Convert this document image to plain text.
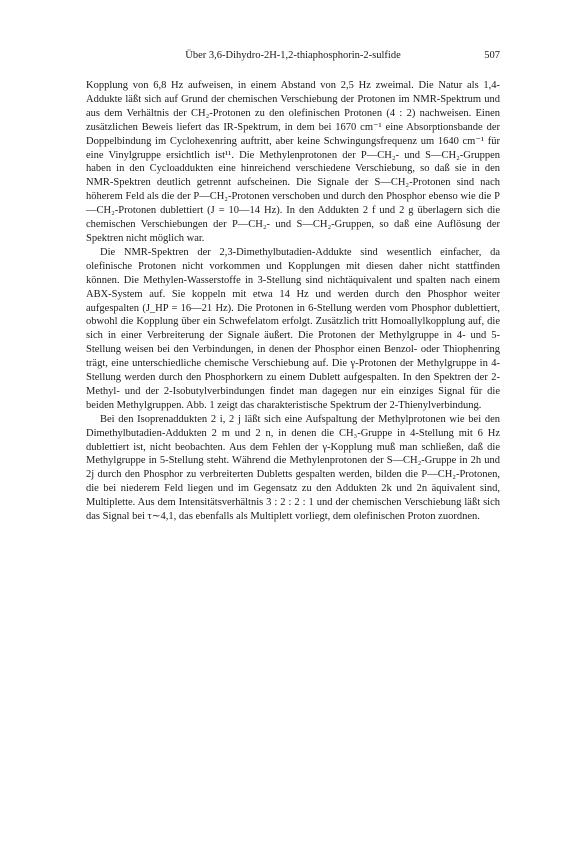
Über 3,6-Dihydro-2H-1,2-thiaphosphorin-2-sulfide	507

Kopplung von 6,8 Hz aufweisen, in einem Abstand von 2,5 Hz zweimal. Die Natur als 1,4-Addukte läßt sich auf Grund der chemischen Verschiebung der Protonen im NMR-Spektrum und aus dem Verhältnis der CH₂-Protonen zu den olefinischen Protonen (4 : 2) nachweisen. Einen zusätzlichen Beweis liefert das IR-Spektrum, in dem bei 1670 cm⁻¹ eine Absorptionsbande der Doppelbindung im Cyclohexenring auftritt, aber keine Schwingungsfrequenz um 1640 cm⁻¹ für eine Vinylgruppe ersichtlich ist¹¹. Die Methylenprotonen der P—CH₂- und S—CH₂-Gruppen haben in den Cycloaddukten eine hinreichend verschiedene Verschiebung, so daß sie in den NMR-Spektren deutlich getrennt aufscheinen. Die Signale der S—CH₂-Protonen sind nach höherem Feld als die der P—CH₂-Protonen verschoben und durch den Phosphor ebenso wie die P—CH₂-Protonen dublettiert (J = 10—14 Hz). In den Addukten 2 f und 2 g überlagern sich die chemischen Verschiebungen der P—CH₂- und S—CH₂-Gruppen, so daß eine Auflösung der Spektren nicht möglich war.

Die NMR-Spektren der 2,3-Dimethylbutadien-Addukte sind wesentlich einfacher, da olefinische Protonen nicht vorkommen und Kopplungen mit diesen daher nicht stattfinden können. Die Methylen-Wasserstoffe in 3-Stellung sind nichtäquivalent und spalten nach einem ABX-System auf. Sie koppeln mit etwa 14 Hz und werden durch den Phosphor weiter aufgespalten (J_HP = 16—21 Hz). Die Protonen in 6-Stellung werden vom Phosphor dublettiert, obwohl die Kopplung über ein Schwefelatom erfolgt. Zusätzlich tritt Homoallylkopplung auf, die sich in einer Verbreiterung der Signale äußert. Die Protonen der Methylgruppe in 4- und 5-Stellung weisen bei den Verbindungen, in denen der Phosphor einen Benzol- oder Thiophenring trägt, eine unterschiedliche chemische Verschiebung auf. Die γ-Protonen der Methylgruppe in 4-Stellung werden durch den Phosphorkern zu einem Dublett aufgespalten. In den Spektren der 2-Methyl- und der 2-Isobutylverbindungen findet man dagegen nur ein einziges Signal für die beiden Methylgruppen. Abb. 1 zeigt das charakteristische Spektrum der 2-Thienylverbindung.

Bei den Isoprenaddukten 2 i, 2 j läßt sich eine Aufspaltung der Methylprotonen wie bei den Dimethylbutadien-Addukten 2 m und 2 n, in denen die CH₃-Gruppe in 4-Stellung mit 6 Hz dublettiert ist, nicht beobachten. Aus dem Fehlen der γ-Kopplung muß man schließen, daß die Methylgruppe in 5-Stellung steht. Während die Methylenprotonen der S—CH₂-Gruppe in 2h und 2j durch den Phosphor zu verbreiterten Dubletts gespalten werden, bilden die P—CH₂-Protonen, die bei niederem Feld liegen und im Gegensatz zu den Addukten 2k und 2n äquivalent sind, Multiplette. Aus dem Intensitätsverhältnis 3 : 2 : 2 : 1 und der chemischen Verschiebung läßt sich das Signal bei τ∼4,1, das ebenfalls als Multiplett vorliegt, dem olefinischen Proton zuordnen.
